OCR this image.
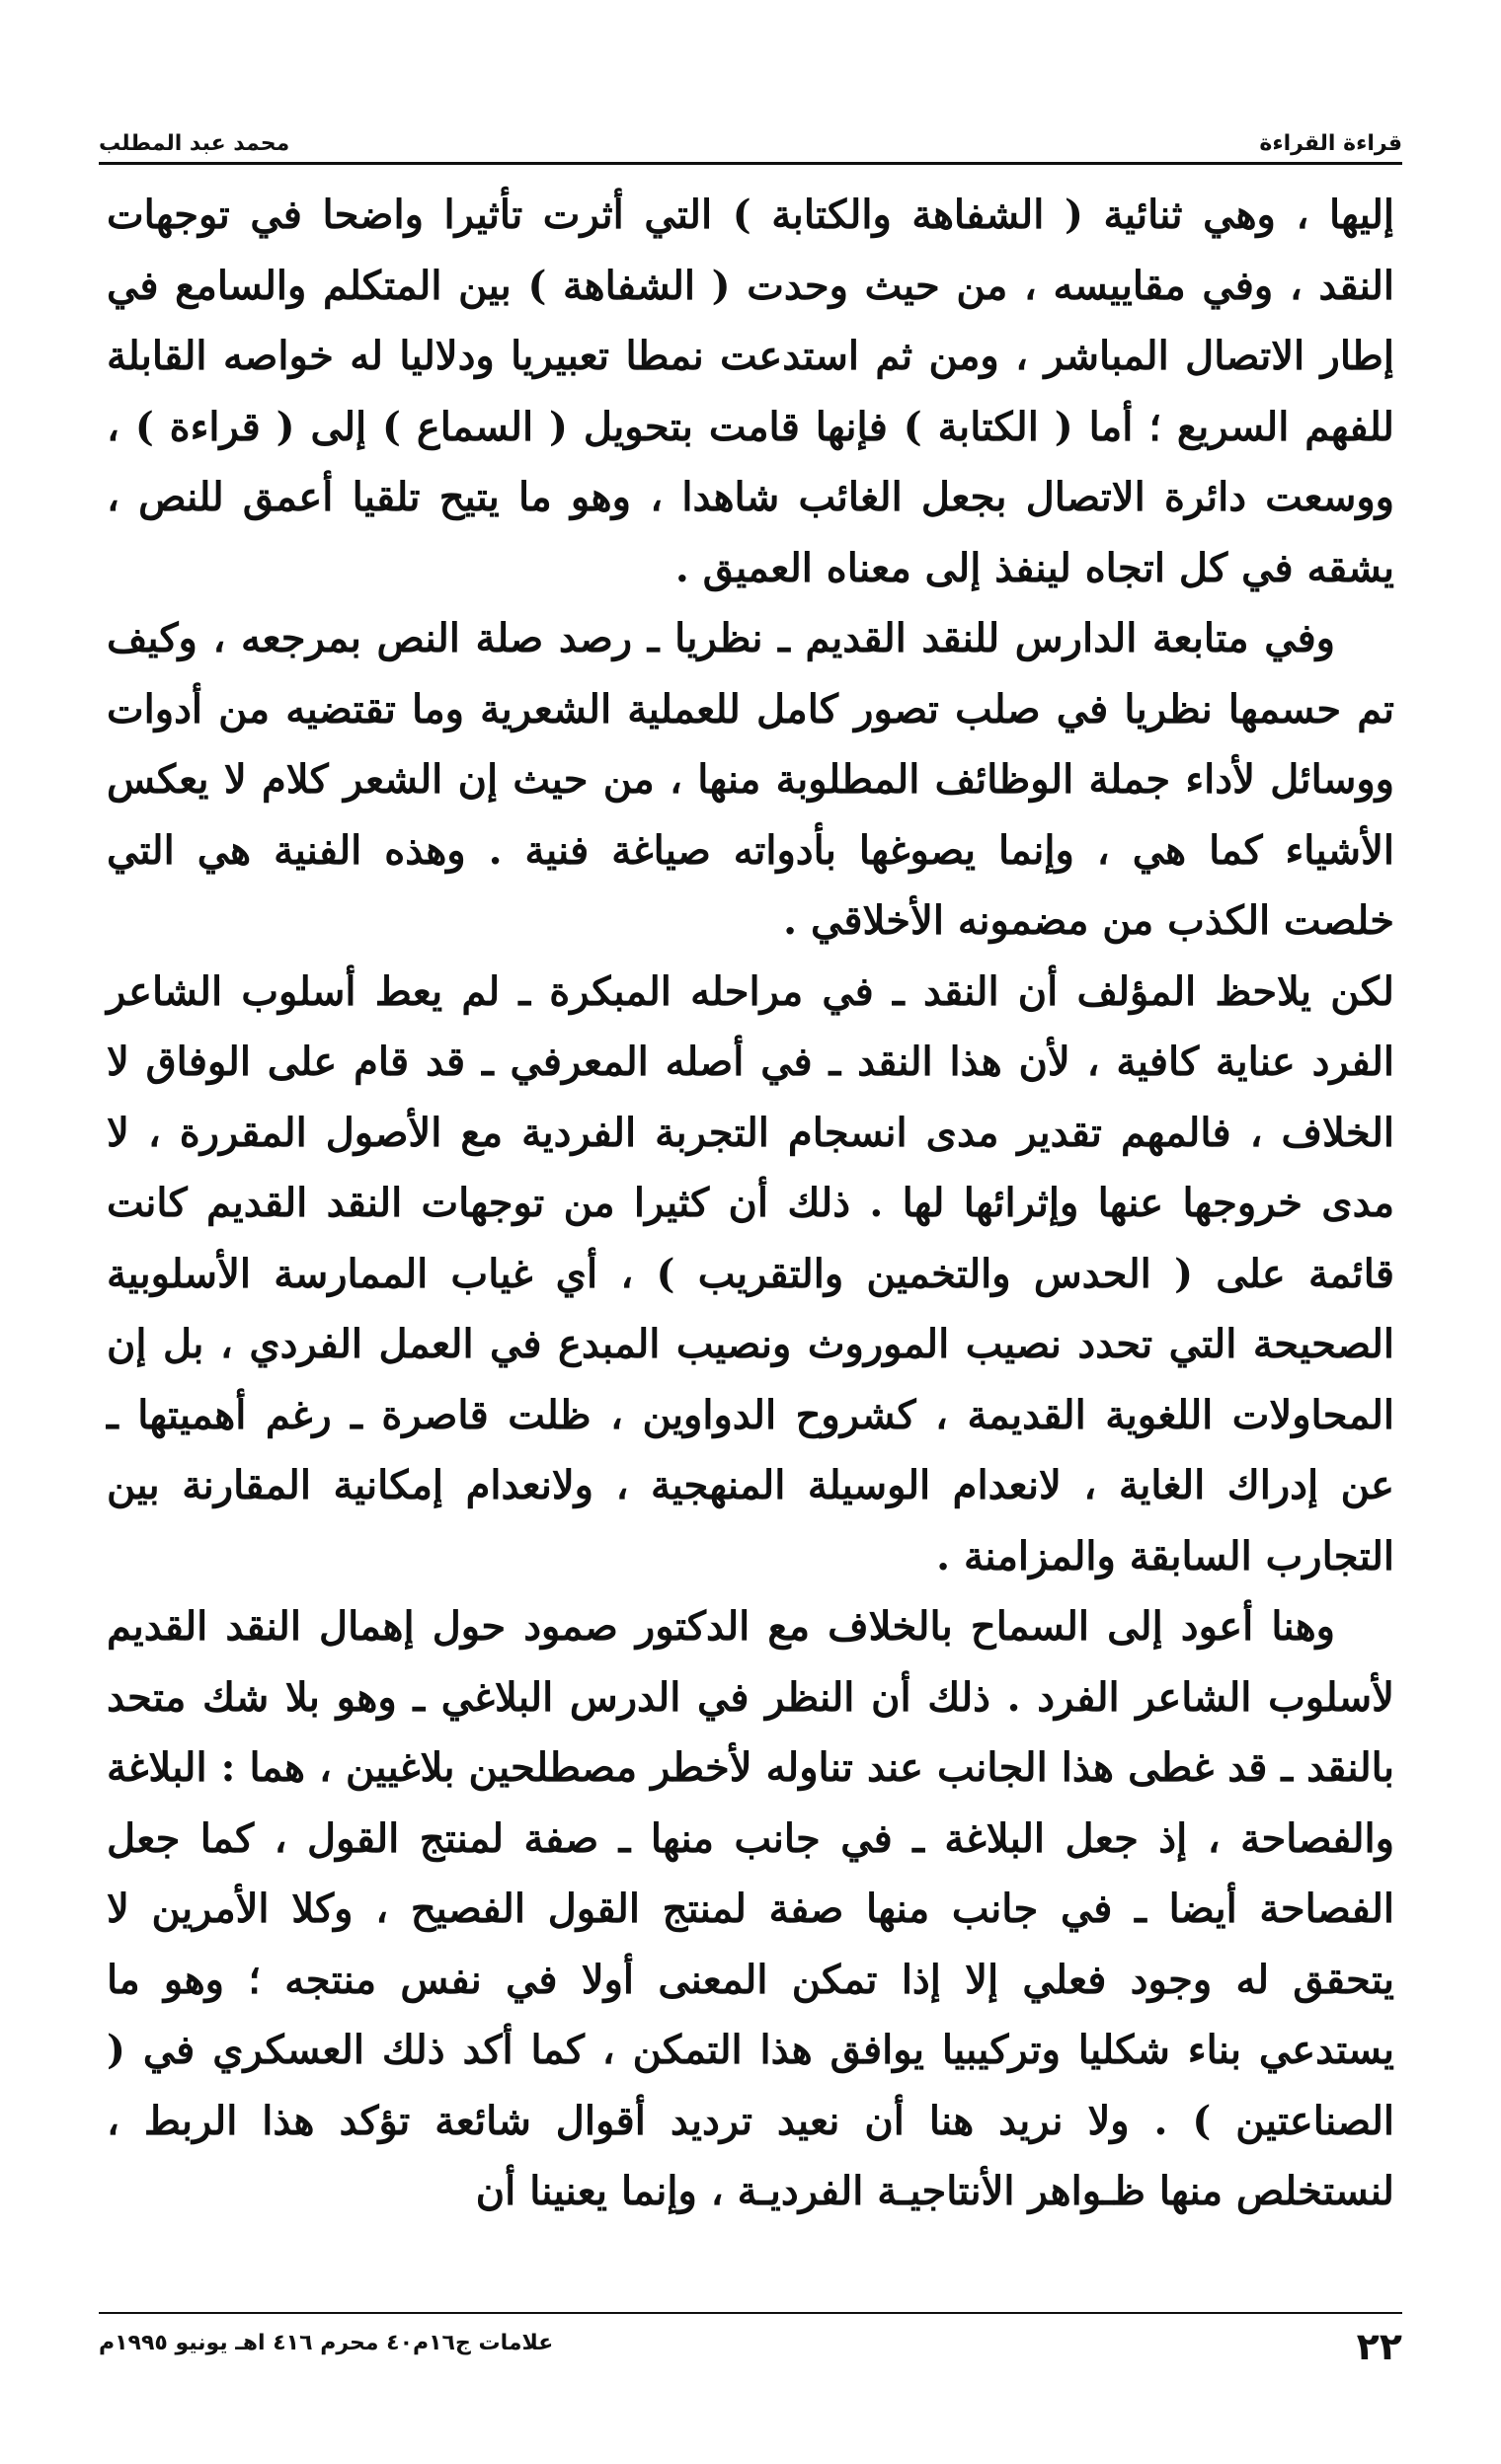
محمد عبد المطلب	قراءة القراءة

إليها ، وهي ثنائية ( الشفاهة والكتابة ) التي أثرت تأثيرا واضحا في توجهات النقد ، وفي مقاييسه ، من حيث وحدت ( الشفاهة ) بين المتكلم والسامع في إطار الاتصال المباشر ، ومن ثم استدعت نمطا تعبيريا ودلاليا له خواصه القابلة للفهم السريع ؛ أما ( الكتابة ) فإنها قامت بتحويل ( السماع ) إلى ( قراءة ) ، ووسعت دائرة الاتصال بجعل الغائب شاهدا ، وهو ما يتيح تلقيا أعمق للنص ، يشقه في كل اتجاه لينفذ إلى معناه العميق .

وفي متابعة الدارس للنقد القديم ـ نظريا ـ رصد صلة النص بمرجعه ، وكيف تم حسمها نظريا في صلب تصور كامل للعملية الشعرية وما تقتضيه من أدوات ووسائل لأداء جملة الوظائف المطلوبة منها ، من حيث إن الشعر كلام لا يعكس الأشياء كما هي ، وإنما يصوغها بأدواته صياغة فنية . وهذه الفنية هي التي خلصت الكذب من مضمونه الأخلاقي .

لكن يلاحظ المؤلف أن النقد ـ في مراحله المبكرة ـ لم يعط أسلوب الشاعر الفرد عناية كافية ، لأن هذا النقد ـ في أصله المعرفي ـ قد قام على الوفاق لا الخلاف ، فالمهم تقدير مدى انسجام التجربة الفردية مع الأصول المقررة ، لا مدى خروجها عنها وإثرائها لها . ذلك أن كثيرا من توجهات النقد القديم كانت قائمة على ( الحدس والتخمين والتقريب ) ، أي غياب الممارسة الأسلوبية الصحيحة التي تحدد نصيب الموروث ونصيب المبدع في العمل الفردي ، بل إن المحاولات اللغوية القديمة ، كشروح الدواوين ، ظلت قاصرة ـ رغم أهميتها ـ عن إدراك الغاية ، لانعدام الوسيلة المنهجية ، ولانعدام إمكانية المقارنة بين التجارب السابقة والمزامنة .

وهنا أعود إلى السماح بالخلاف مع الدكتور صمود حول إهمال النقد القديم لأسلوب الشاعر الفرد . ذلك أن النظر في الدرس البلاغي ـ وهو بلا شك متحد بالنقد ـ قد غطى هذا الجانب عند تناوله لأخطر مصطلحين بلاغيين ، هما : البلاغة والفصاحة ، إذ جعل البلاغة ـ في جانب منها ـ صفة لمنتج القول ، كما جعل الفصاحة أيضا ـ في جانب منها صفة لمنتج القول الفصيح ، وكلا الأمرين لا يتحقق له وجود فعلي إلا إذا تمكن المعنى أولا في نفس منتجه ؛ وهو ما يستدعي بناء شكليا وتركيبيا يوافق هذا التمكن ، كما أكد ذلك العسكري في ( الصناعتين ) . ولا نريد هنا أن نعيد ترديد أقوال شائعة تؤكد هذا الربط ، لنستخلص منها ظـواهر الأنتاجيـة الفرديـة ، وإنما يعنينا أن

علامات ج١٦م٤٠ محرم ٤١٦ اهـ يونيو ١٩٩٥م	٢٢
